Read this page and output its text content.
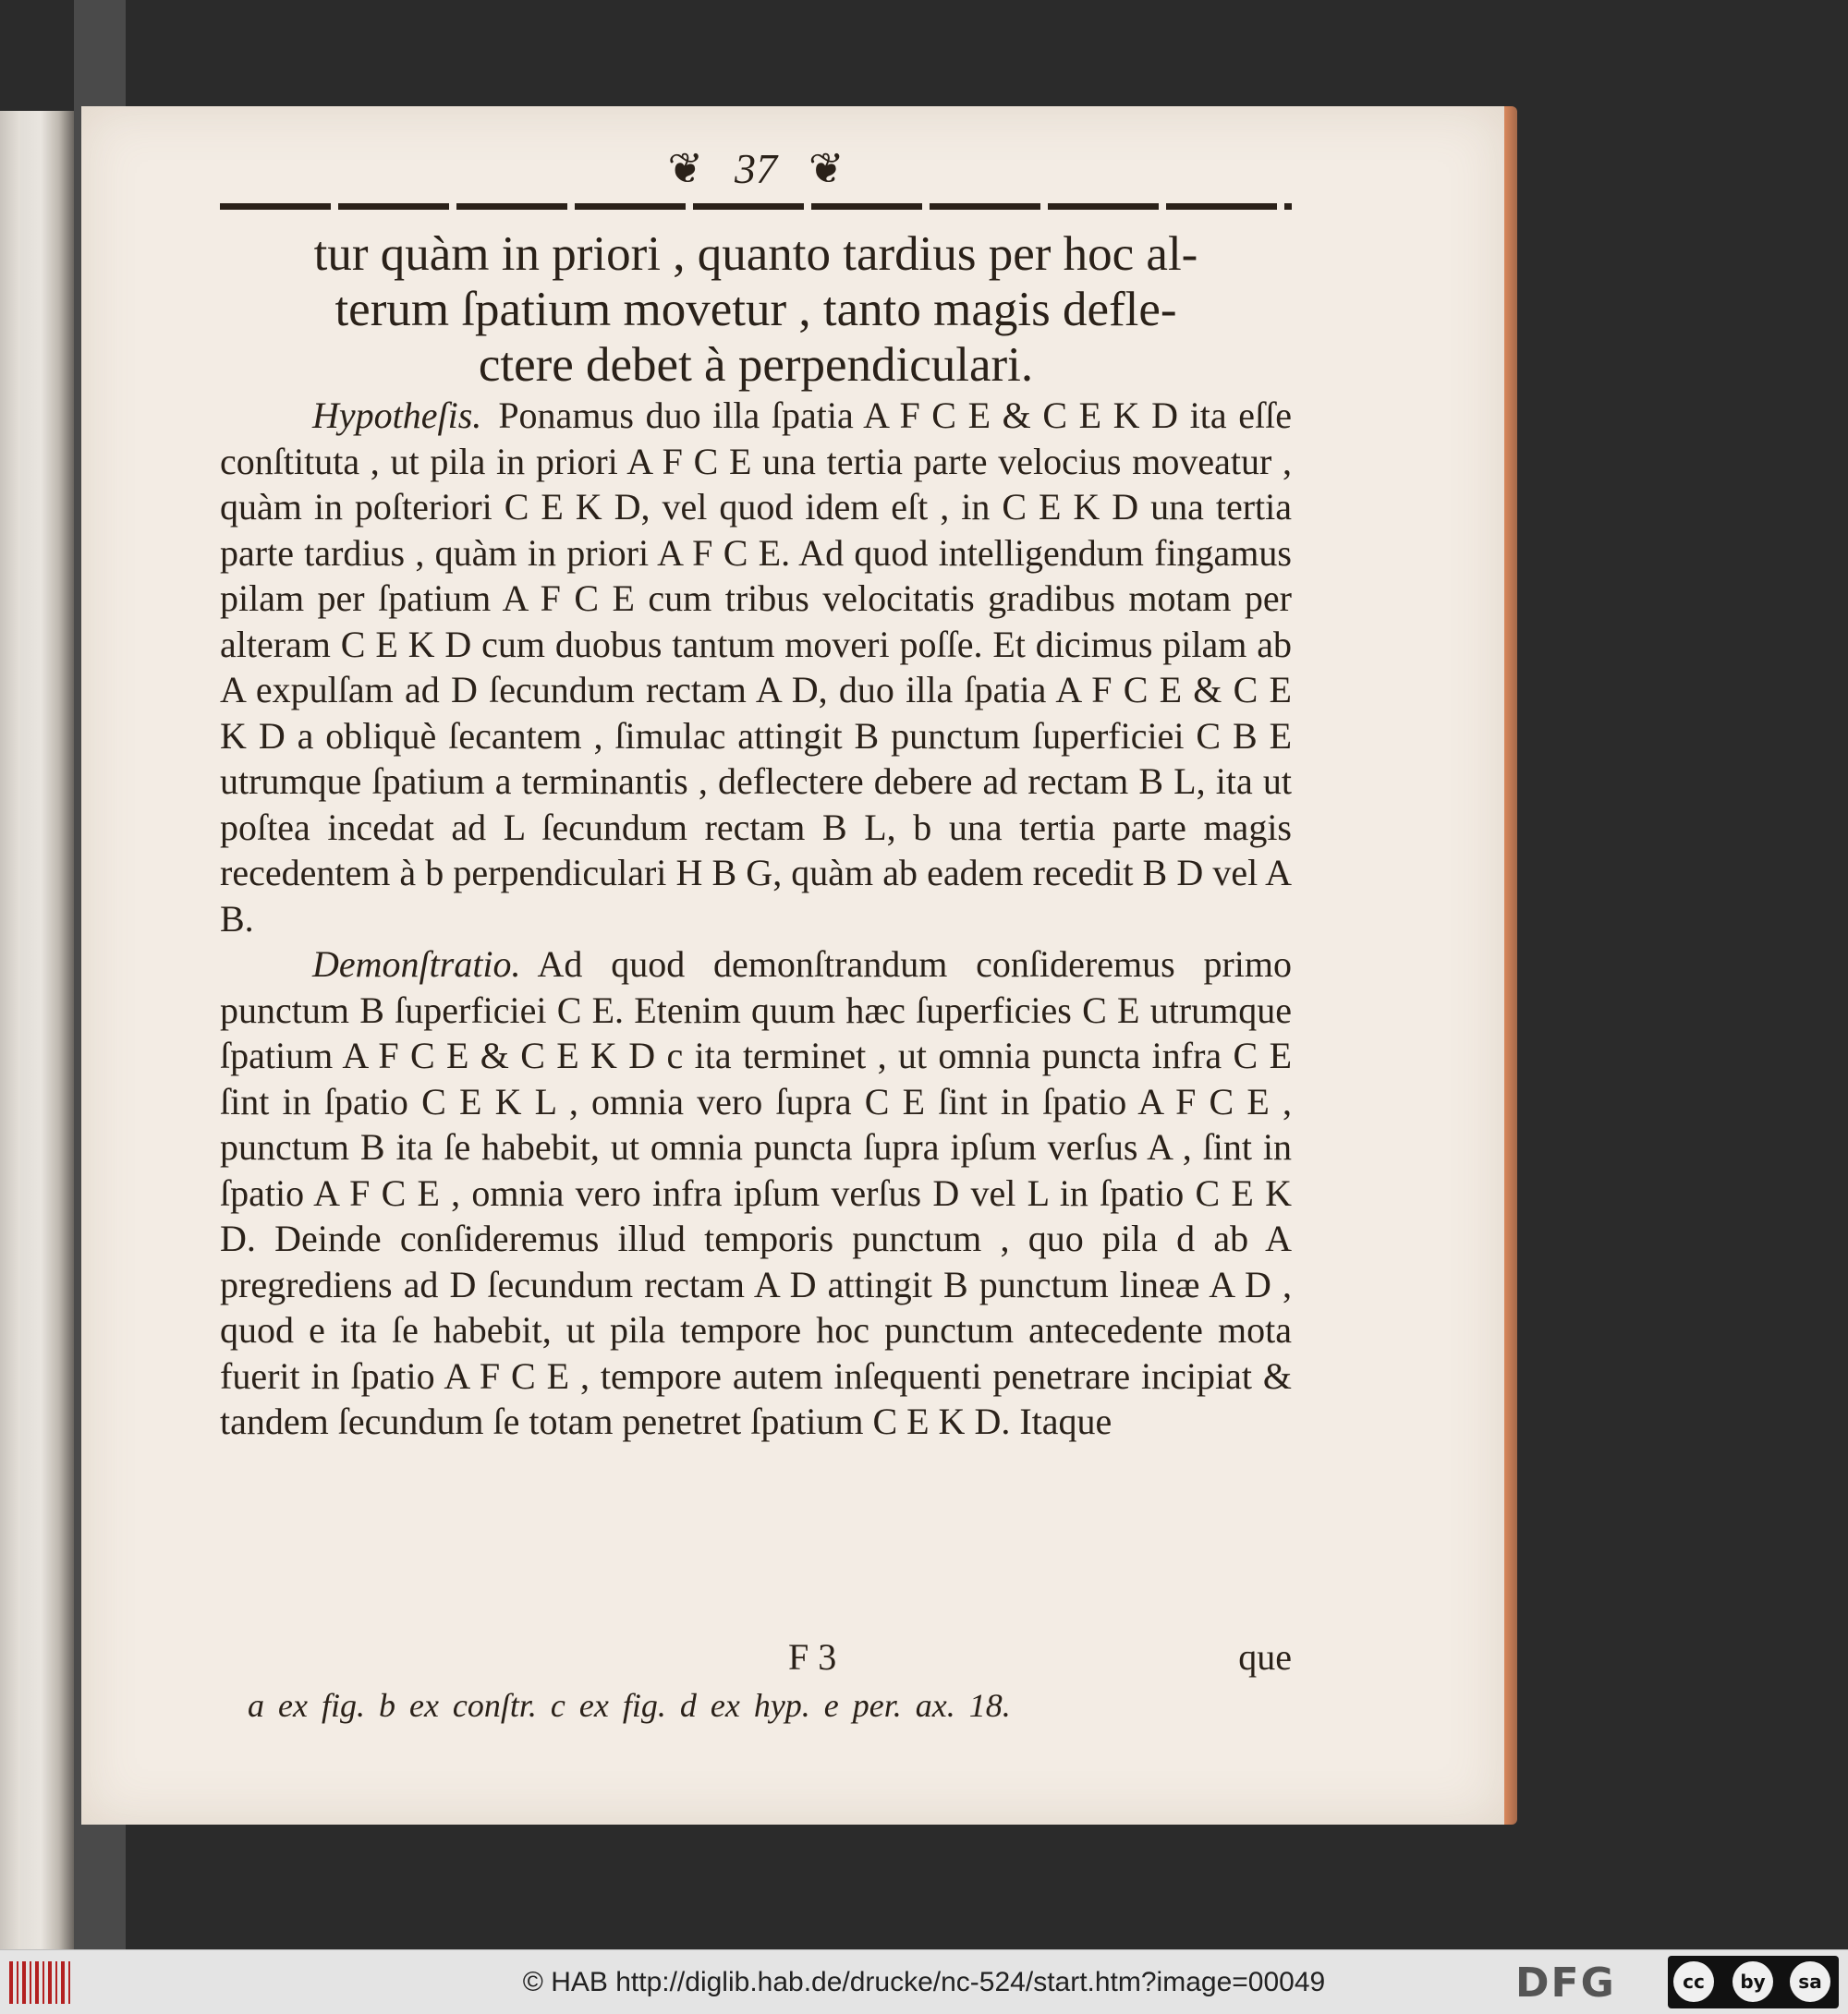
❦ 37 ❦

tur quàm in priori , quanto tardius per hoc al-

terum ſpatium movetur , tanto magis defle-

ctere debet à perpendiculari.

Hypotheſis. Ponamus duo illa ſpatia A F C E & C E K D ita eſſe conſtituta , ut pila in priori A F C E una tertia parte velocius moveatur , quàm in poſteriori C E K D, vel quod idem eſt , in C E K D una tertia parte tardius , quàm in priori A F C E. Ad quod intelligendum fingamus pilam per ſpatium A F C E cum tribus velocitatis gradibus motam per alteram C E K D cum duobus tantum moveri poſſe. Et dicimus pilam ab A expulſam ad D ſecundum rectam A D, duo illa ſpatia A F C E & C E K D a obliquè ſecantem , ſimulac attingit B punctum ſuperficiei C B E utrumque ſpatium a terminantis , deflectere debere ad rectam B L, ita ut poſtea incedat ad L ſecundum rectam B L, b una tertia parte magis recedentem à b perpendiculari H B G, quàm ab eadem recedit B D vel A B.

Demonſtratio. Ad quod demonſtrandum conſideremus primo punctum B ſuperficiei C E. Etenim quum hæc ſuperficies C E utrumque ſpatium A F C E & C E K D c ita terminet , ut omnia puncta infra C E ſint in ſpatio C E K L , omnia vero ſupra C E ſint in ſpatio A F C E , punctum B ita ſe habebit, ut omnia puncta ſupra ipſum verſus A , ſint in ſpatio A F C E , omnia vero infra ipſum verſus D vel L in ſpatio C E K D. Deinde conſideremus illud temporis punctum , quo pila d ab A pregrediens ad D ſecundum rectam A D attingit B punctum lineæ A D , quod e ita ſe habebit, ut pila tempore hoc punctum antecedente mota fuerit in ſpatio A F C E , tempore autem inſequenti penetrare incipiat & tandem ſecundum ſe totam penetret ſpatium C E K D. Itaque

F 3	que
a ex fig. b ex conſtr. c ex fig. d ex hyp. e per. ax. 18.
© HAB http://diglib.hab.de/drucke/nc-524/start.htm?image=00049	DFG	cc	by	sa
